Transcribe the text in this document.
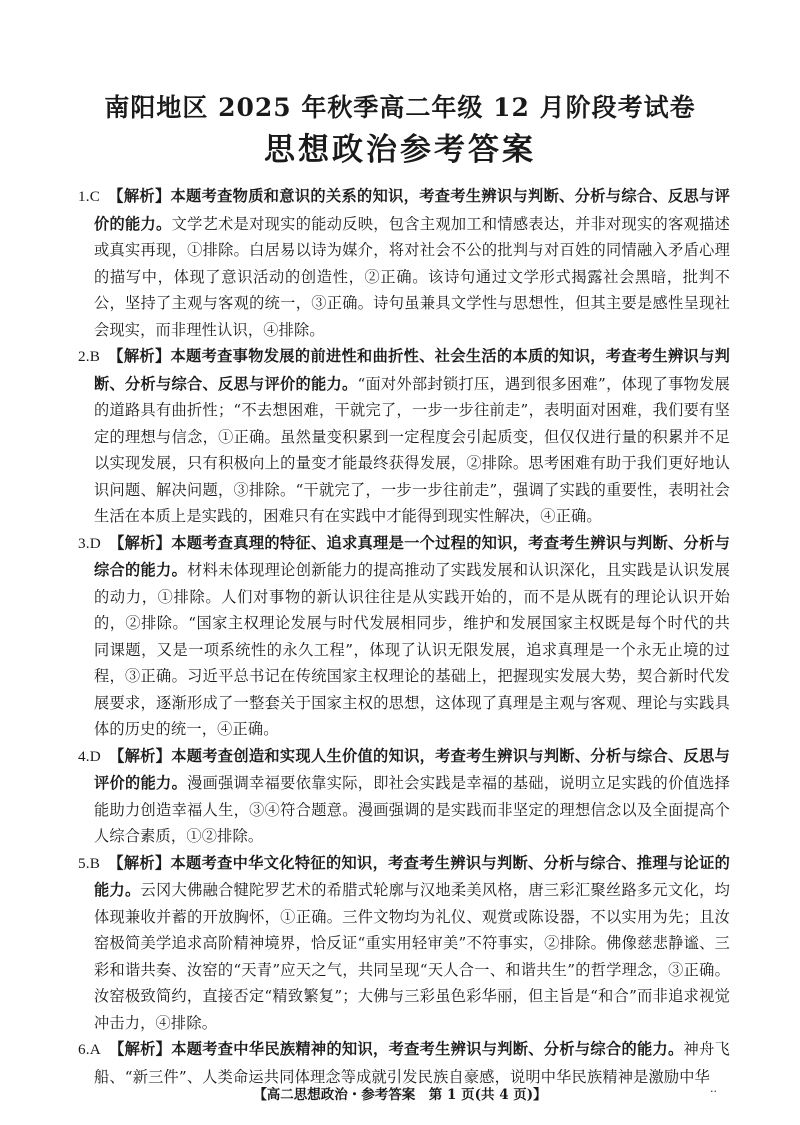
南阳地区 2025 年秋季高二年级 12 月阶段考试卷
思想政治参考答案

1.C 【解析】本题考查物质和意识的关系的知识，考查考生辨识与判断、分析与综合、反思与评价的能力。文学艺术是对现实的能动反映，包含主观加工和情感表达，并非对现实的客观描述或真实再现，①排除。白居易以诗为媒介，将对社会不公的批判与对百姓的同情融入矛盾心理的描写中，体现了意识活动的创造性，②正确。该诗句通过文学形式揭露社会黑暗，批判不公，坚持了主观与客观的统一，③正确。诗句虽兼具文学性与思想性，但其主要是感性呈现社会现实，而非理性认识，④排除。

2.B 【解析】本题考查事物发展的前进性和曲折性、社会生活的本质的知识，考查考生辨识与判断、分析与综合、反思与评价的能力。“面对外部封锁打压，遇到很多困难”，体现了事物发展的道路具有曲折性；“不去想困难，干就完了，一步一步往前走”，表明面对困难，我们要有坚定的理想与信念，①正确。虽然量变积累到一定程度会引起质变，但仅仅进行量的积累并不足以实现发展，只有积极向上的量变才能最终获得发展，②排除。思考困难有助于我们更好地认识问题、解决问题，③排除。“干就完了，一步一步往前走”，强调了实践的重要性，表明社会生活在本质上是实践的，困难只有在实践中才能得到现实性解决，④正确。

3.D 【解析】本题考查真理的特征、追求真理是一个过程的知识，考查考生辨识与判断、分析与综合的能力。材料未体现理论创新能力的提高推动了实践发展和认识深化，且实践是认识发展的动力，①排除。人们对事物的新认识往往是从实践开始的，而不是从既有的理论认识开始的，②排除。“国家主权理论发展与时代发展相同步，维护和发展国家主权既是每个时代的共同课题，又是一项系统性的永久工程”，体现了认识无限发展，追求真理是一个永无止境的过程，③正确。习近平总书记在传统国家主权理论的基础上，把握现实发展大势，契合新时代发展要求，逐渐形成了一整套关于国家主权的思想，这体现了真理是主观与客观、理论与实践具体的历史的统一，④正确。

4.D 【解析】本题考查创造和实现人生价值的知识，考查考生辨识与判断、分析与综合、反思与评价的能力。漫画强调幸福要依靠实际，即社会实践是幸福的基础，说明立足实践的价值选择能助力创造幸福人生，③④符合题意。漫画强调的是实践而非坚定的理想信念以及全面提高个人综合素质，①②排除。

5.B 【解析】本题考查中华文化特征的知识，考查考生辨识与判断、分析与综合、推理与论证的能力。云冈大佛融合犍陀罗艺术的希腊式轮廓与汉地柔美风格，唐三彩汇聚丝路多元文化，均体现兼收并蓄的开放胸怀，①正确。三件文物均为礼仪、观赏或陈设器，不以实用为先；且汝窑极简美学追求高阶精神境界，恰反证“重实用轻审美”不符事实，②排除。佛像慈悲静谧、三彩和谐共奏、汝窑的“天青”应天之气，共同呈现“天人合一、和谐共生”的哲学理念，③正确。汝窑极致简约，直接否定“精致繁复”；大佛与三彩虽色彩华丽，但主旨是“和合”而非追求视觉冲击力，④排除。

6.A 【解析】本题考查中华民族精神的知识，考查考生辨识与判断、分析与综合的能力。神舟飞船、“新三件”、人类命运共同体理念等成就引发民族自豪感，说明中华民族精神是激励中华

【高二思想政治・参考答案　第 1 页(共 4 页)】	··
